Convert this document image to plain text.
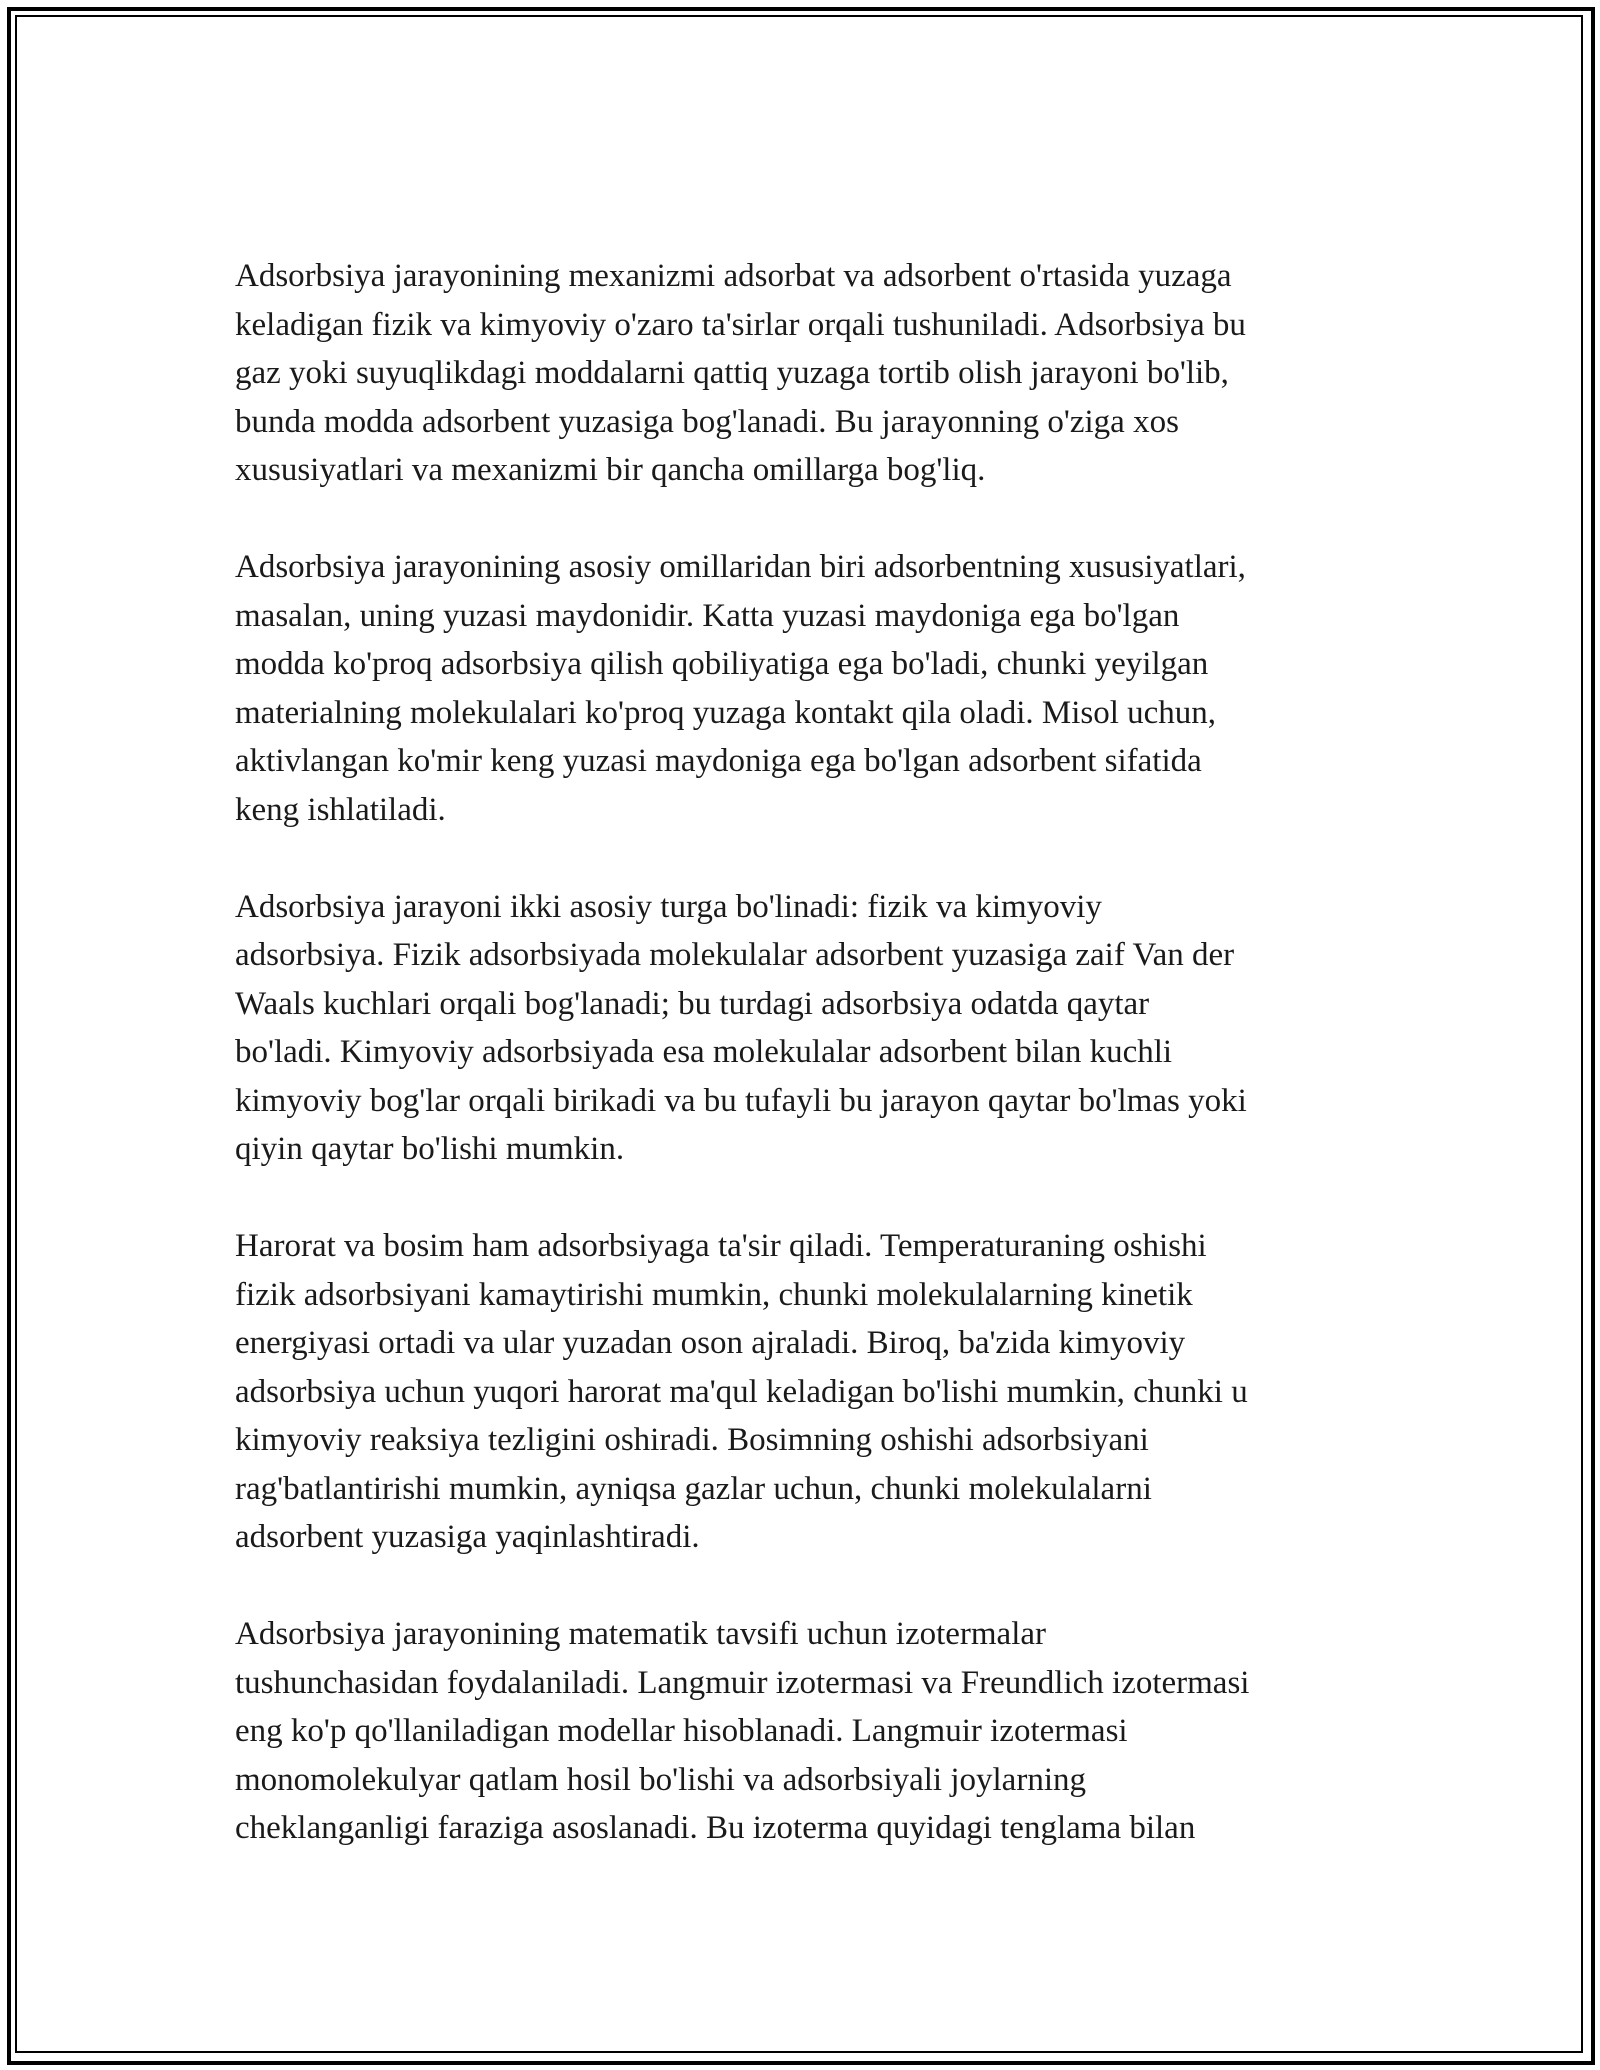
Adsorbsiya jarayonining mexanizmi adsorbat va adsorbent o'rtasida yuzaga
keladigan fizik va kimyoviy o'zaro ta'sirlar orqali tushuniladi. Adsorbsiya bu
gaz yoki suyuqlikdagi moddalarni qattiq yuzaga tortib olish jarayoni bo'lib,
bunda modda adsorbent yuzasiga bog'lanadi. Bu jarayonning o'ziga xos
xususiyatlari va mexanizmi bir qancha omillarga bog'liq.

Adsorbsiya jarayonining asosiy omillaridan biri adsorbentning xususiyatlari,
masalan, uning yuzasi maydonidir. Katta yuzasi maydoniga ega bo'lgan
modda ko'proq adsorbsiya qilish qobiliyatiga ega bo'ladi, chunki yeyilgan
materialning molekulalari ko'proq yuzaga kontakt qila oladi. Misol uchun,
aktivlangan ko'mir keng yuzasi maydoniga ega bo'lgan adsorbent sifatida
keng ishlatiladi.

Adsorbsiya jarayoni ikki asosiy turga bo'linadi: fizik va kimyoviy
adsorbsiya. Fizik adsorbsiyada molekulalar adsorbent yuzasiga zaif Van der
Waals kuchlari orqali bog'lanadi; bu turdagi adsorbsiya odatda qaytar
bo'ladi. Kimyoviy adsorbsiyada esa molekulalar adsorbent bilan kuchli
kimyoviy bog'lar orqali birikadi va bu tufayli bu jarayon qaytar bo'lmas yoki
qiyin qaytar bo'lishi mumkin.

Harorat va bosim ham adsorbsiyaga ta'sir qiladi. Temperaturaning oshishi
fizik adsorbsiyani kamaytirishi mumkin, chunki molekulalarning kinetik
energiyasi ortadi va ular yuzadan oson ajraladi. Biroq, ba'zida kimyoviy
adsorbsiya uchun yuqori harorat ma'qul keladigan bo'lishi mumkin, chunki u
kimyoviy reaksiya tezligini oshiradi. Bosimning oshishi adsorbsiyani
rag'batlantirishi mumkin, ayniqsa gazlar uchun, chunki molekulalarni
adsorbent yuzasiga yaqinlashtiradi.

Adsorbsiya jarayonining matematik tavsifi uchun izotermalar
tushunchasidan foydalaniladi. Langmuir izotermasi va Freundlich izotermasi
eng ko'p qo'llaniladigan modellar hisoblanadi. Langmuir izotermasi
monomolekulyar qatlam hosil bo'lishi va adsorbsiyali joylarning
cheklanganligi faraziga asoslanadi. Bu izoterma quyidagi tenglama bilan
